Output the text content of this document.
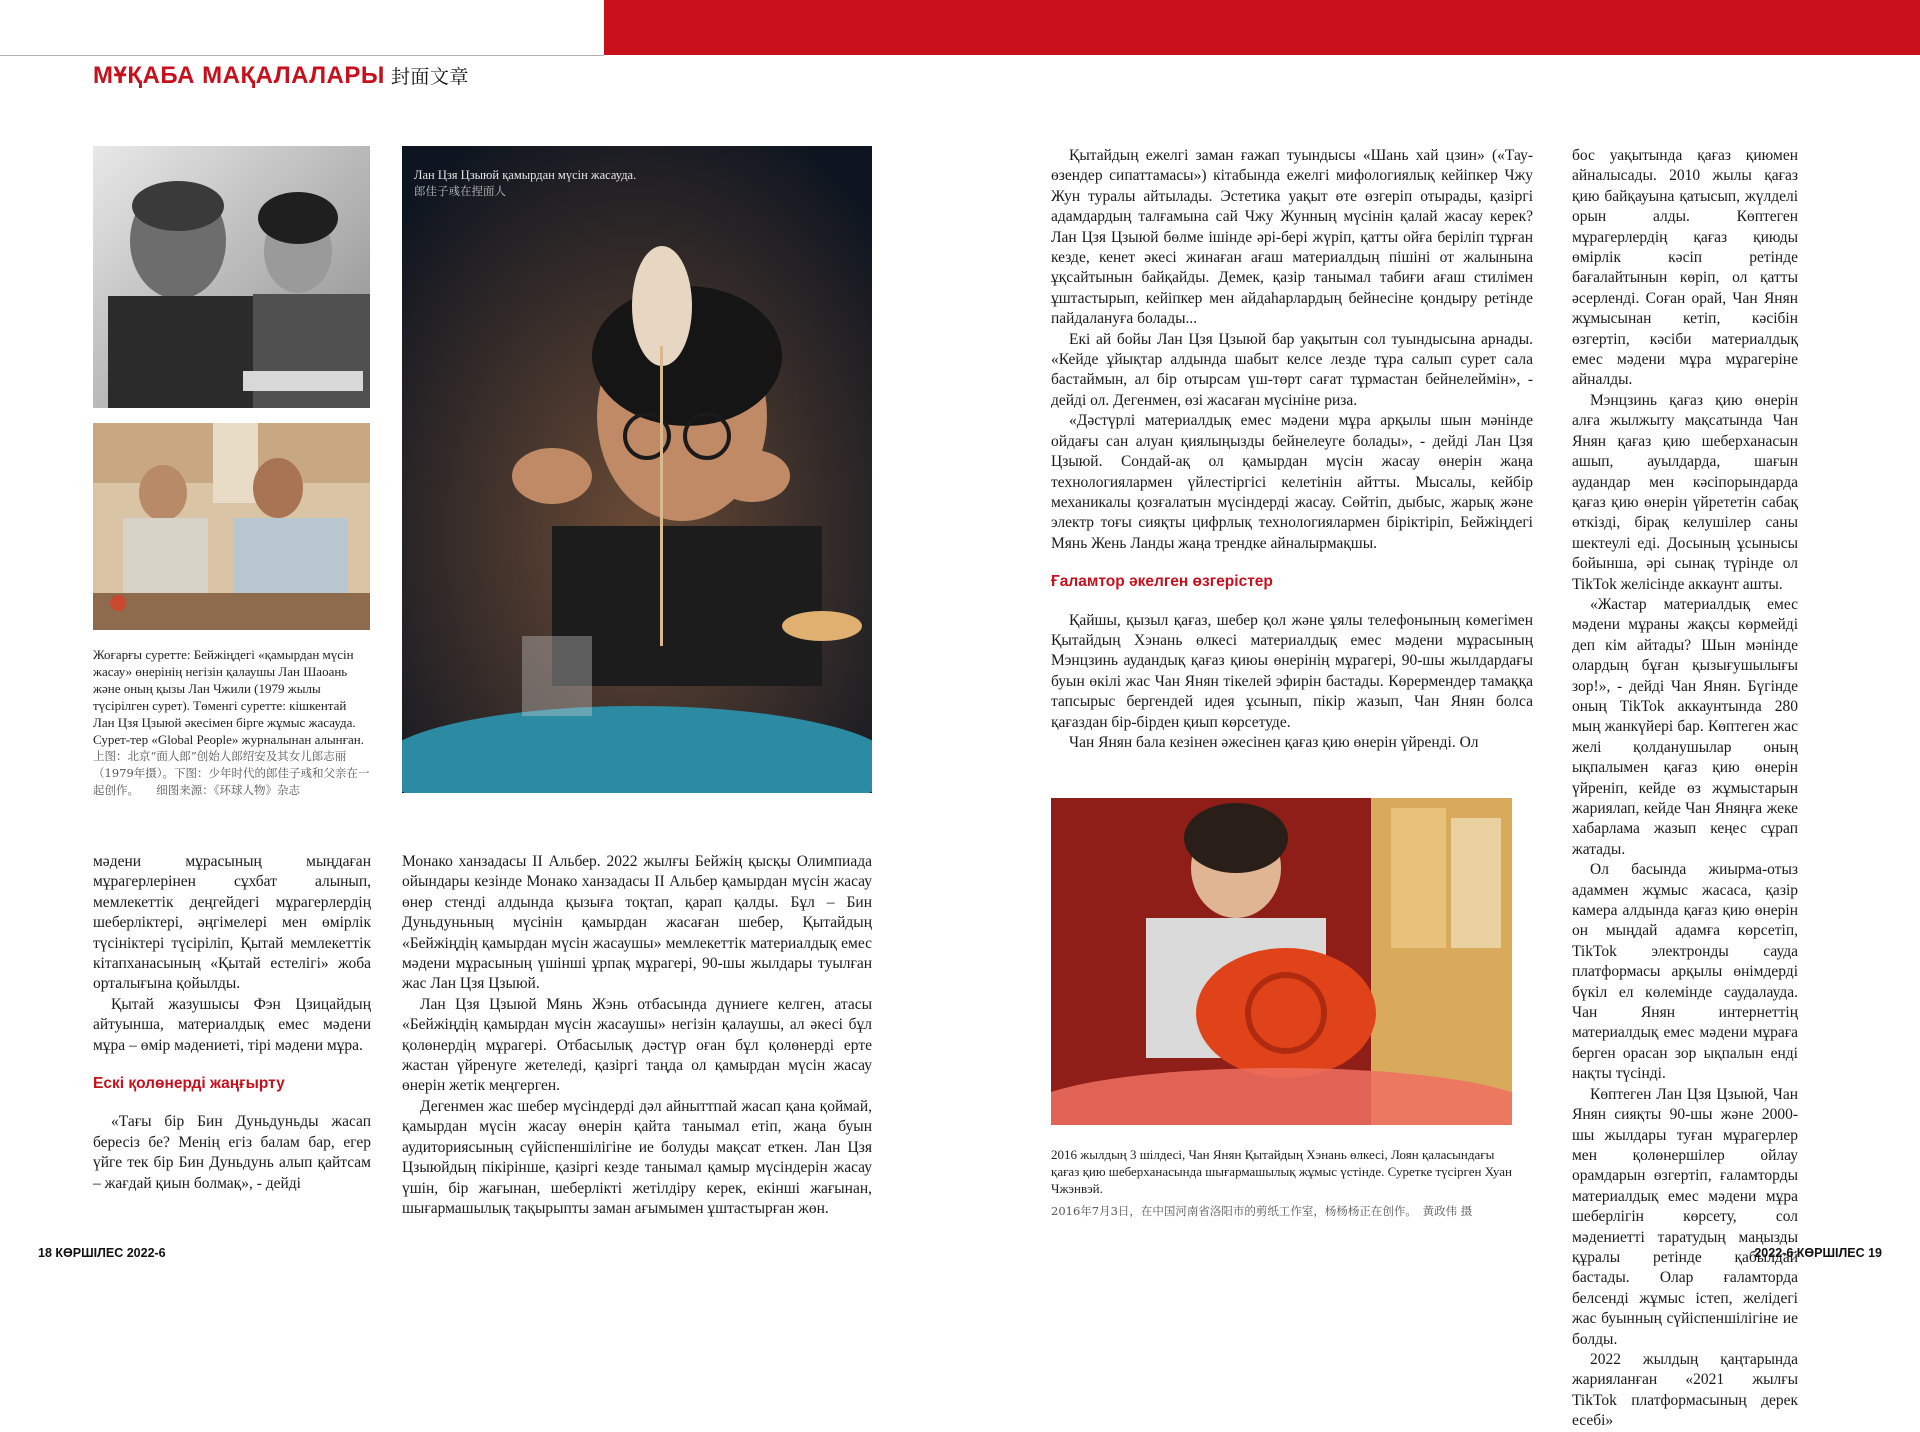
МҰҚАБА МАҚАЛАЛАРЫ 封面文章
Жоғарғы суретте: Бейжіңдегі «қамырдан мүсін жасау» өнерінің негізін қалаушы Лан Шаоань және оның қызы Лан Чжили (1979 жылы түсірілген сурет). Төменгі суретте: кішкентай Лан Цзя Цзыюй әкесімен бірге жұмыс жасауда. Сурет-тер «Global People» журналынан алынған.
上图：北京“面人郎”创始人郎绍安及其女儿郎志丽（1979年摄）。下图：少年时代的郎佳子彧和父亲在一起创作。　　细图来源：《环球人物》杂志
Лан Цзя Цзыюй қамырдан мүсін жасауда.
郎佳子彧在捏面人

мәдени мұрасының мыңдаған мұрагерлерінен сұхбат алынып, мемлекеттік деңгейдегі мұрагерлердің шеберліктері, әңгімелері мен өмірлік түсініктері түсіріліп, Қытай мемлекеттік кітапханасының «Қытай естелігі» жоба орталығына қойылды.

Қытай жазушысы Фэн Цзицайдың айтуынша, материалдық емес мәдени мұра – өмір мәдениеті, тірі мәдени мұра.

Ескі қолөнерді жаңғырту

«Тағы бір Бин Дуньдуньды жасап бересіз бе? Менің егіз балам бар, егер үйге тек бір Бин Дуньдунь алып қайтсам – жағдай қиын болмақ», - дейді

Монако ханзадасы II Альбер. 2022 жылғы Бейжің қысқы Олимпиада ойындары кезінде Монако ханзадасы II Альбер қамырдан мүсін жасау өнер стенді алдында қызыға тоқтап, қарап қалды. Бұл – Бин Дуньдуньның мүсінін қамырдан жасаған шебер, Қытайдың «Бейжіңдің қамырдан мүсін жасаушы» мемлекеттік материалдық емес мәдени мұрасының үшінші ұрпақ мұрагері, 90-шы жылдары туылған жас Лан Цзя Цзыюй.

Лан Цзя Цзыюй Мянь Жэнь отбасында дүниеге келген, атасы «Бейжіңдің қамырдан мүсін жасаушы» негізін қалаушы, ал әкесі бұл қолөнердің мұрагері. Отбасылық дәстүр оған бұл қолөнерді ерте жастан үйренуге жетеледі, қазіргі таңда ол қамырдан мүсін жасау өнерін жетік меңгерген.

Дегенмен жас шебер мүсіндерді дәл айныттпай жасап қана қоймай, қамырдан мүсін жасау өнерін қайта танымал етіп, жаңа буын аудиториясының сүйіспеншілігіне ие болуды мақсат еткен. Лан Цзя Цзыюйдың пікірінше, қазіргі кезде танымал қамыр мүсіндерін жасау үшін, бір жағынан, шеберлікті жетілдіру керек, екінші жағынан, шығармашылық тақырыпты заман ағымымен ұштастырған жөн.

Қытайдың ежелгі заман ғажап туындысы «Шань хай цзин» («Тау-өзендер сипаттамасы») кітабында ежелгі мифологиялық кейіпкер Чжу Жун туралы айтылады. Эстетика уақыт өте өзгеріп отырады, қазіргі адамдардың талғамына сай Чжу Жунның мүсінін қалай жасау керек? Лан Цзя Цзыюй бөлме ішінде әрі-бері жүріп, қатты ойға беріліп тұрған кезде, кенет әкесі жинаған ағаш материалдың пішіні от жалынына ұқсайтынын байқайды. Демек, қазір танымал табиғи ағаш стилімен ұштастырып, кейіпкер мен айдаһарлардың бейнесіне қондыру ретінде пайдалануға болады...

Екі ай бойы Лан Цзя Цзыюй бар уақытын сол туындысына арнады. «Кейде ұйықтар алдында шабыт келсе лезде тұра салып сурет сала бастаймын, ал бір отырсам үш-төрт сағат тұрмастан бейнелеймін», - дейді ол. Дегенмен, өзі жасаған мүсініне риза.

«Дәстүрлі материалдық емес мәдени мұра арқылы шын мәнінде ойдағы сан алуан қиялыңызды бейнелеуге болады», - дейді Лан Цзя Цзыюй. Сондай-ақ ол қамырдан мүсін жасау өнерін жаңа технологиялармен үйлестіргісі келетінін айтты. Мысалы, кейбір механикалы қозғалатын мүсіндерді жасау. Сөйтіп, дыбыс, жарық және электр тоғы сияқты цифрлық технологиялармен біріктіріп, Бейжіңдегі Мянь Жень Ланды жаңа трендке айналырмақшы.

Ғаламтор әкелген өзгерістер

Қайшы, қызыл қағаз, шебер қол және ұялы телефонының көмегімен Қытайдың Хэнань өлкесі материалдық емес мәдени мұрасының Мэнцзинь аудандық қағаз қиюы өнерінің мұрагері, 90-шы жылдардағы буын өкілі жас Чан Янян тікелей эфирін бастады. Көрермендер тамаққа тапсырыс бергендей идея ұсынып, пікір жазып, Чан Янян болса қағаздан бір-бірден қиып көрсетуде.

Чан Янян бала кезінен әжесінен қағаз қию өнерін үйренді. Ол

2016 жылдың 3 шілдесі, Чан Янян Қытайдың Хэнань өлкесі, Лоян қаласындағы қағаз қию шеберханасында шығармашылық жұмыс үстінде. Суретке түсірген Хуан Чжэнвэй.
2016年7月3日，在中国河南省洛阳市的剪纸工作室，杨杨杨正在创作。　黄政伟 摄

бос уақытында қағаз қиюмен айналысады. 2010 жылы қағаз қию байқауына қатысып, жүлделі орын алды. Көптеген мұрагерлердің қағаз қиюды өмірлік кәсіп ретінде бағалайтынын көріп, ол қатты әсерленді. Соған орай, Чан Янян жұмысынан кетіп, кәсібін өзгертіп, кәсіби материалдық емес мәдени мұра мұрагеріне айналды.

Мэнцзинь қағаз қию өнерін алға жылжыту мақсатында Чан Янян қағаз қию шеберханасын ашып, ауылдарда, шағын аудандар мен кәсіпорындарда қағаз қию өнерін үйрететін сабақ өткізді, бірақ келушілер саны шектеулі еді. Досының ұсынысы бойынша, әрі сынақ түрінде ол TikTok желісінде аккаунт ашты.

«Жастар материалдық емес мәдени мұраны жақсы көрмейді деп кім айтады? Шын мәнінде олардың бұған қызығушылығы зор!», - дейді Чан Янян. Бүгінде оның TikTok аккаунтында 280 мың жанкүйері бар. Көптеген жас желі қолданушылар оның ықпалымен қағаз қию өнерін үйреніп, кейде өз жұмыстарын жариялап, кейде Чан Яняңға жеке хабарлама жазып кеңес сұрап жатады.

Ол басында жиырма-отыз адаммен жұмыс жасаса, қазір камера алдында қағаз қию өнерін он мыңдай адамға көрсетіп, TikTok электронды сауда платформасы арқылы өнімдерді бүкіл ел көлемінде саудалауда. Чан Янян интернеттің материалдық емес мәдени мұраға берген орасан зор ықпалын енді нақты түсінді.

Көптеген Лан Цзя Цзыюй, Чан Янян сияқты 90-шы және 2000-шы жылдары туған мұрагерлер мен қолөнершілер ойлау орамдарын өзгертіп, ғаламторды материалдық емес мәдени мұра шеберлігін көрсету, сол мәдениетті таратудың маңызды құралы ретінде қабылдай бастады. Олар ғаламторда белсенді жұмыс істеп, желідегі жас буынның сүйіспеншілігіне ие болды.

2022 жылдың қаңтарында жарияланған «2021 жылғы TikTok платформасының дерек есебі»

18 КӨРШІЛЕС 2022-6	2022-6 КӨРШІЛЕС 19
